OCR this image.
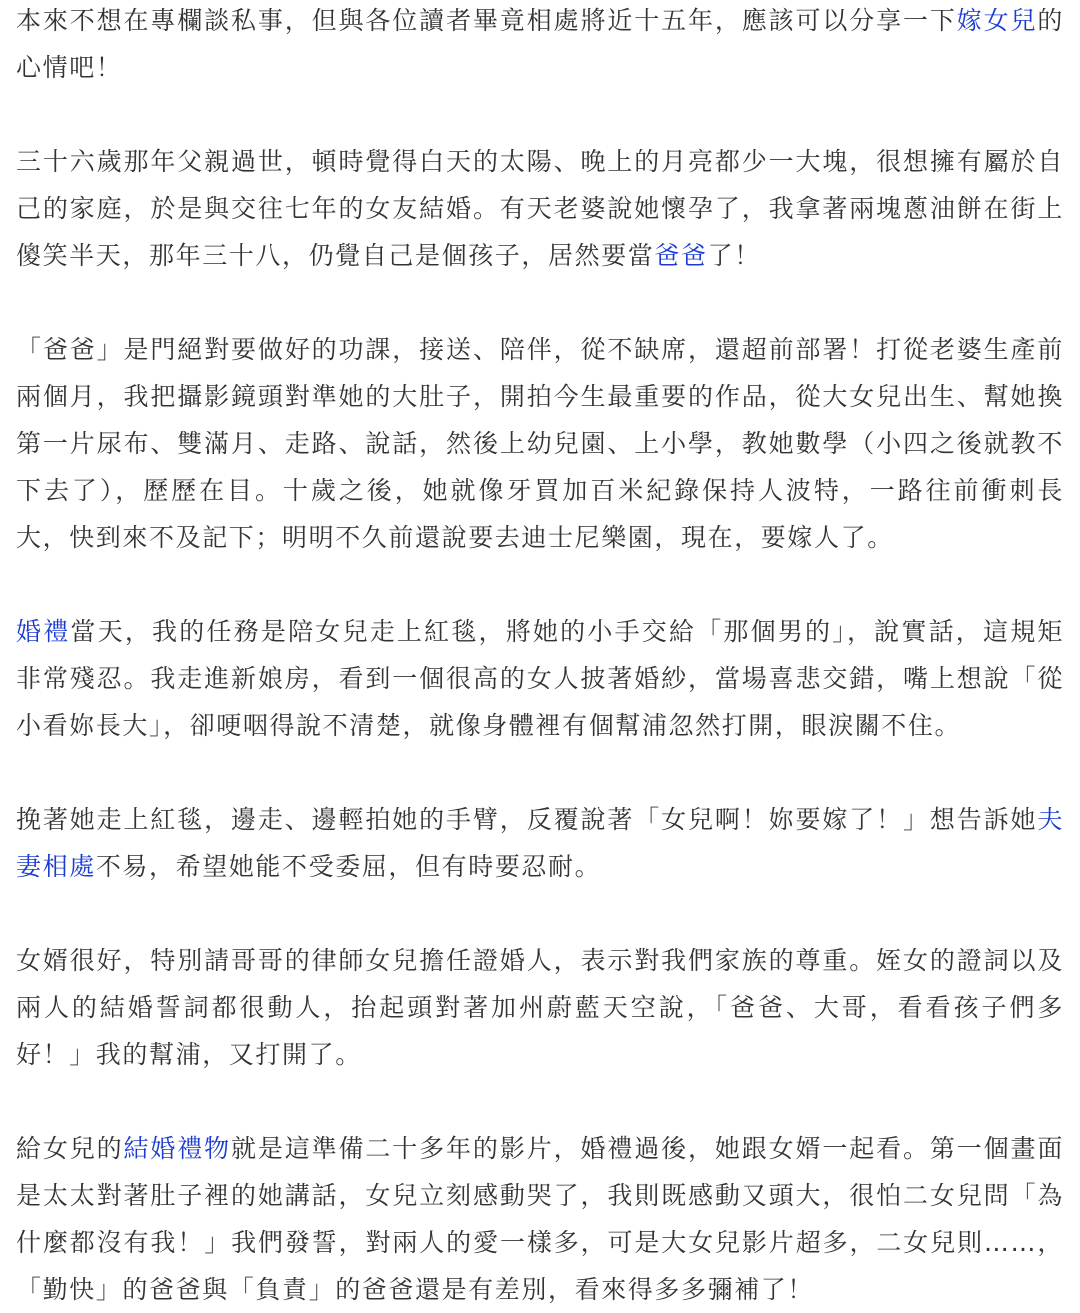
本來不想在專欄談私事，但與各位讀者畢竟相處將近十五年，應該可以分享一下嫁女兒的心情吧！

三十六歲那年父親過世，頓時覺得白天的太陽、晚上的月亮都少一大塊，很想擁有屬於自己的家庭，於是與交往七年的女友結婚。有天老婆說她懷孕了，我拿著兩塊蔥油餅在街上傻笑半天，那年三十八，仍覺自己是個孩子，居然要當爸爸了！

「爸爸」是門絕對要做好的功課，接送、陪伴，從不缺席，還超前部署！打從老婆生產前兩個月，我把攝影鏡頭對準她的大肚子，開拍今生最重要的作品，從大女兒出生、幫她換第一片尿布、雙滿月、走路、說話，然後上幼兒園、上小學，教她數學（小四之後就教不下去了），歷歷在目。十歲之後，她就像牙買加百米紀錄保持人波特，一路往前衝刺長大，快到來不及記下；明明不久前還說要去迪士尼樂園，現在，要嫁人了。

婚禮當天，我的任務是陪女兒走上紅毯，將她的小手交給「那個男的」，說實話，這規矩非常殘忍。我走進新娘房，看到一個很高的女人披著婚紗，當場喜悲交錯，嘴上想說「從小看妳長大」，卻哽咽得說不清楚，就像身體裡有個幫浦忽然打開，眼淚關不住。

挽著她走上紅毯，邊走、邊輕拍她的手臂，反覆說著「女兒啊！妳要嫁了！」想告訴她夫妻相處不易，希望她能不受委屈，但有時要忍耐。

女婿很好，特別請哥哥的律師女兒擔任證婚人，表示對我們家族的尊重。姪女的證詞以及兩人的結婚誓詞都很動人，抬起頭對著加州蔚藍天空說，「爸爸、大哥，看看孩子們多好！」我的幫浦，又打開了。

給女兒的結婚禮物就是這準備二十多年的影片，婚禮過後，她跟女婿一起看。第一個畫面是太太對著肚子裡的她講話，女兒立刻感動哭了，我則既感動又頭大，很怕二女兒問「為什麼都沒有我！」我們發誓，對兩人的愛一樣多，可是大女兒影片超多，二女兒則……，「勤快」的爸爸與「負責」的爸爸還是有差別，看來得多多彌補了！
